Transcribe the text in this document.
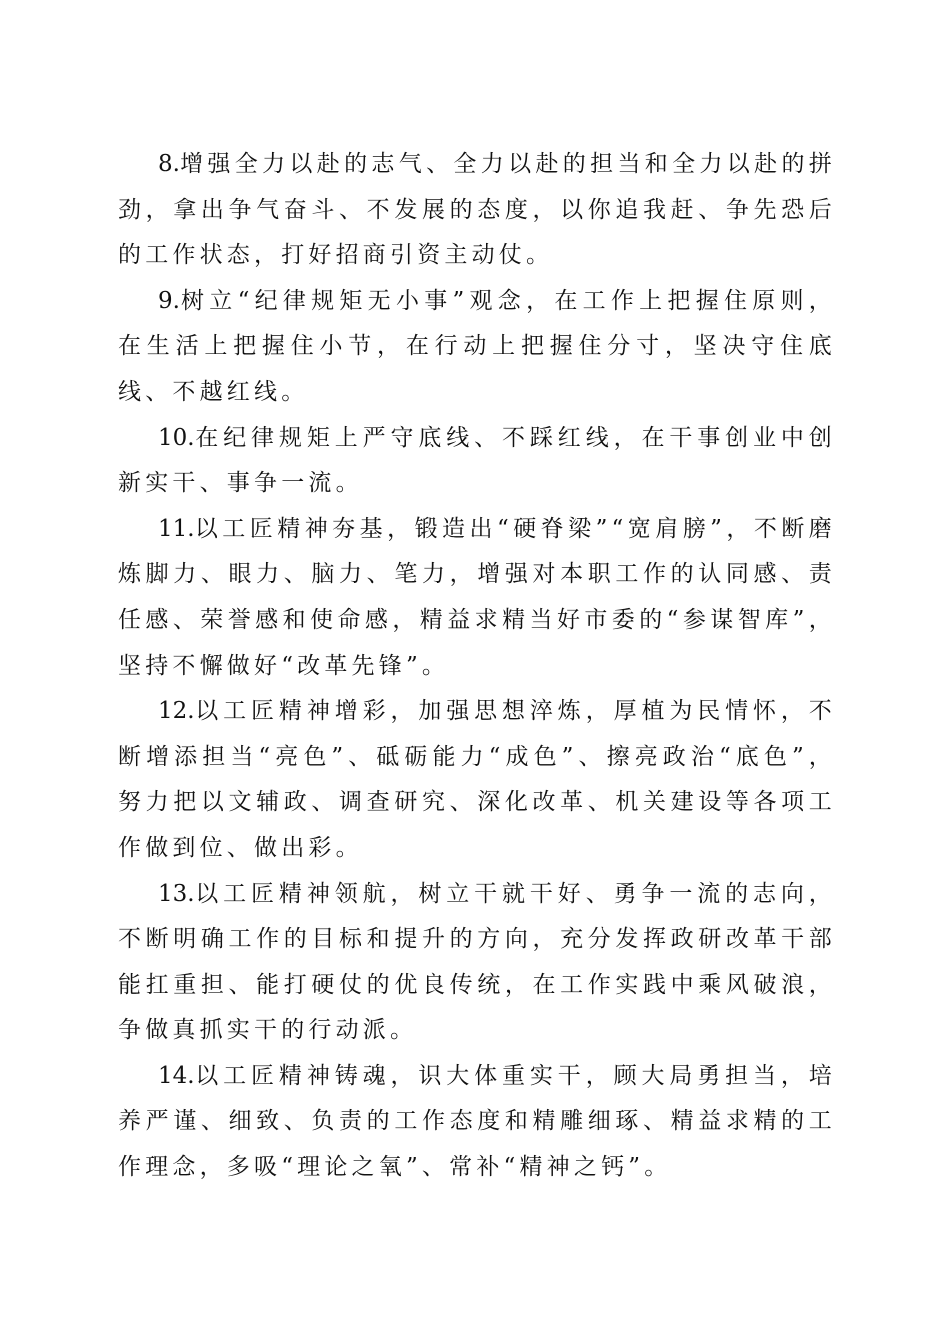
8.增强全力以赴的志气、全力以赴的担当和全力以赴的拼劲，拿出争气奋斗、不发展的态度，以你追我赶、争先恐后的工作状态，打好招商引资主动仗。

9.树立“纪律规矩无小事”观念，在工作上把握住原则，在生活上把握住小节，在行动上把握住分寸，坚决守住底线、不越红线。

10.在纪律规矩上严守底线、不踩红线，在干事创业中创新实干、事争一流。

11.以工匠精神夯基，锻造出“硬脊梁”“宽肩膀”，不断磨炼脚力、眼力、脑力、笔力，增强对本职工作的认同感、责任感、荣誉感和使命感，精益求精当好市委的“参谋智库”，坚持不懈做好“改革先锋”。

12.以工匠精神增彩，加强思想淬炼，厚植为民情怀，不断增添担当“亮色”、砥砺能力“成色”、擦亮政治“底色”，努力把以文辅政、调查研究、深化改革、机关建设等各项工作做到位、做出彩。

13.以工匠精神领航，树立干就干好、勇争一流的志向，不断明确工作的目标和提升的方向，充分发挥政研改革干部能扛重担、能打硬仗的优良传统，在工作实践中乘风破浪，争做真抓实干的行动派。

14.以工匠精神铸魂，识大体重实干，顾大局勇担当，培养严谨、细致、负责的工作态度和精雕细琢、精益求精的工作理念，多吸“理论之氧”、常补“精神之钙”。
